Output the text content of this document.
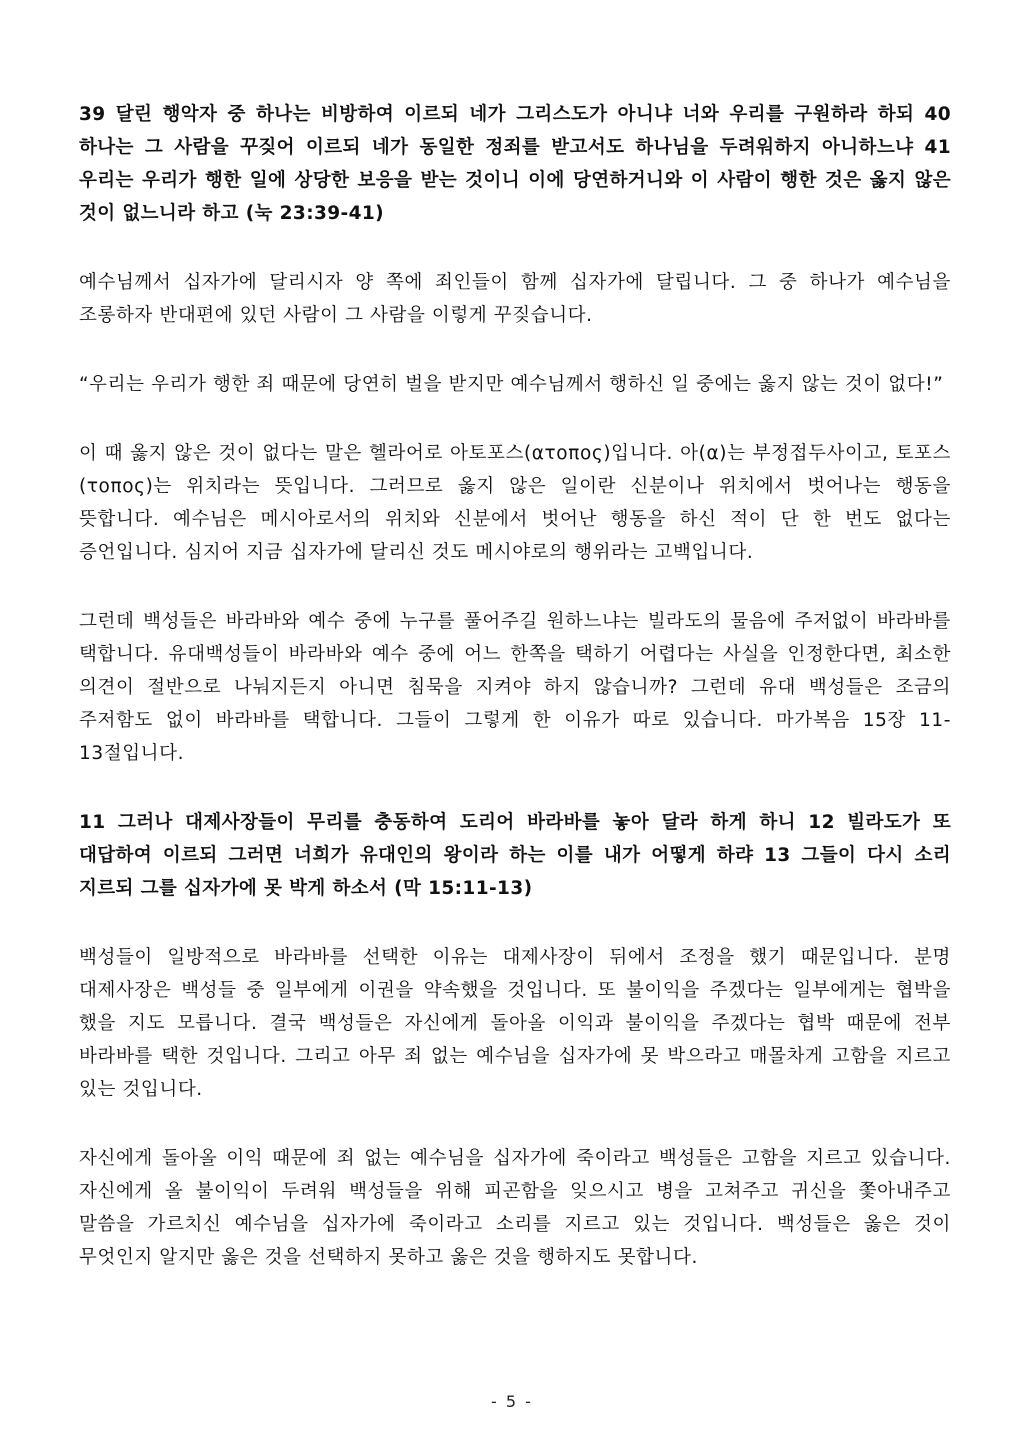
39 달린 행악자 중 하나는 비방하여 이르되 네가 그리스도가 아니냐 너와 우리를 구원하라 하되 40 하나는 그 사람을 꾸짖어 이르되 네가 동일한 정죄를 받고서도 하나님을 두려워하지 아니하느냐 41 우리는 우리가 행한 일에 상당한 보응을 받는 것이니 이에 당연하거니와 이 사람이 행한 것은 옳지 않은 것이 없느니라 하고 (눅 23:39-41)

예수님께서 십자가에 달리시자 양 쪽에 죄인들이 함께 십자가에 달립니다. 그 중 하나가 예수님을 조롱하자 반대편에 있던 사람이 그 사람을 이렇게 꾸짖습니다.

“우리는 우리가 행한 죄 때문에 당연히 벌을 받지만 예수님께서 행하신 일 중에는 옳지 않는 것이 없다!”

이 때 옳지 않은 것이 없다는 말은 헬라어로 아토포스(ατοπος)입니다. 아(α)는 부정접두사이고, 토포스(τοπος)는 위치라는 뜻입니다. 그러므로 옳지 않은 일이란 신분이나 위치에서 벗어나는 행동을 뜻합니다. 예수님은 메시아로서의 위치와 신분에서 벗어난 행동을 하신 적이 단 한 번도 없다는 증언입니다. 심지어 지금 십자가에 달리신 것도 메시야로의 행위라는 고백입니다.

그런데 백성들은 바라바와 예수 중에 누구를 풀어주길 원하느냐는 빌라도의 물음에 주저없이 바라바를 택합니다. 유대백성들이 바라바와 예수 중에 어느 한쪽을 택하기 어렵다는 사실을 인정한다면, 최소한 의견이 절반으로 나눠지든지 아니면 침묵을 지켜야 하지 않습니까? 그런데 유대 백성들은 조금의 주저함도 없이 바라바를 택합니다. 그들이 그렇게 한 이유가 따로 있습니다. 마가복음 15장 11-13절입니다.

11 그러나 대제사장들이 무리를 충동하여 도리어 바라바를 놓아 달라 하게 하니 12 빌라도가 또 대답하여 이르되 그러면 너희가 유대인의 왕이라 하는 이를 내가 어떻게 하랴 13 그들이 다시 소리 지르되 그를 십자가에 못 박게 하소서 (막 15:11-13)

백성들이 일방적으로 바라바를 선택한 이유는 대제사장이 뒤에서 조정을 했기 때문입니다. 분명 대제사장은 백성들 중 일부에게 이권을 약속했을 것입니다. 또 불이익을 주겠다는 일부에게는 협박을 했을 지도 모릅니다. 결국 백성들은 자신에게 돌아올 이익과 불이익을 주겠다는 협박 때문에 전부 바라바를 택한 것입니다. 그리고 아무 죄 없는 예수님을 십자가에 못 박으라고 매몰차게 고함을 지르고 있는 것입니다.

자신에게 돌아올 이익 때문에 죄 없는 예수님을 십자가에 죽이라고 백성들은 고함을 지르고 있습니다. 자신에게 올 불이익이 두려워 백성들을 위해 피곤함을 잊으시고 병을 고쳐주고 귀신을 쫓아내주고 말씀을 가르치신 예수님을 십자가에 죽이라고 소리를 지르고 있는 것입니다. 백성들은 옳은 것이 무엇인지 알지만 옳은 것을 선택하지 못하고 옳은 것을 행하지도 못합니다.

- 5 -
